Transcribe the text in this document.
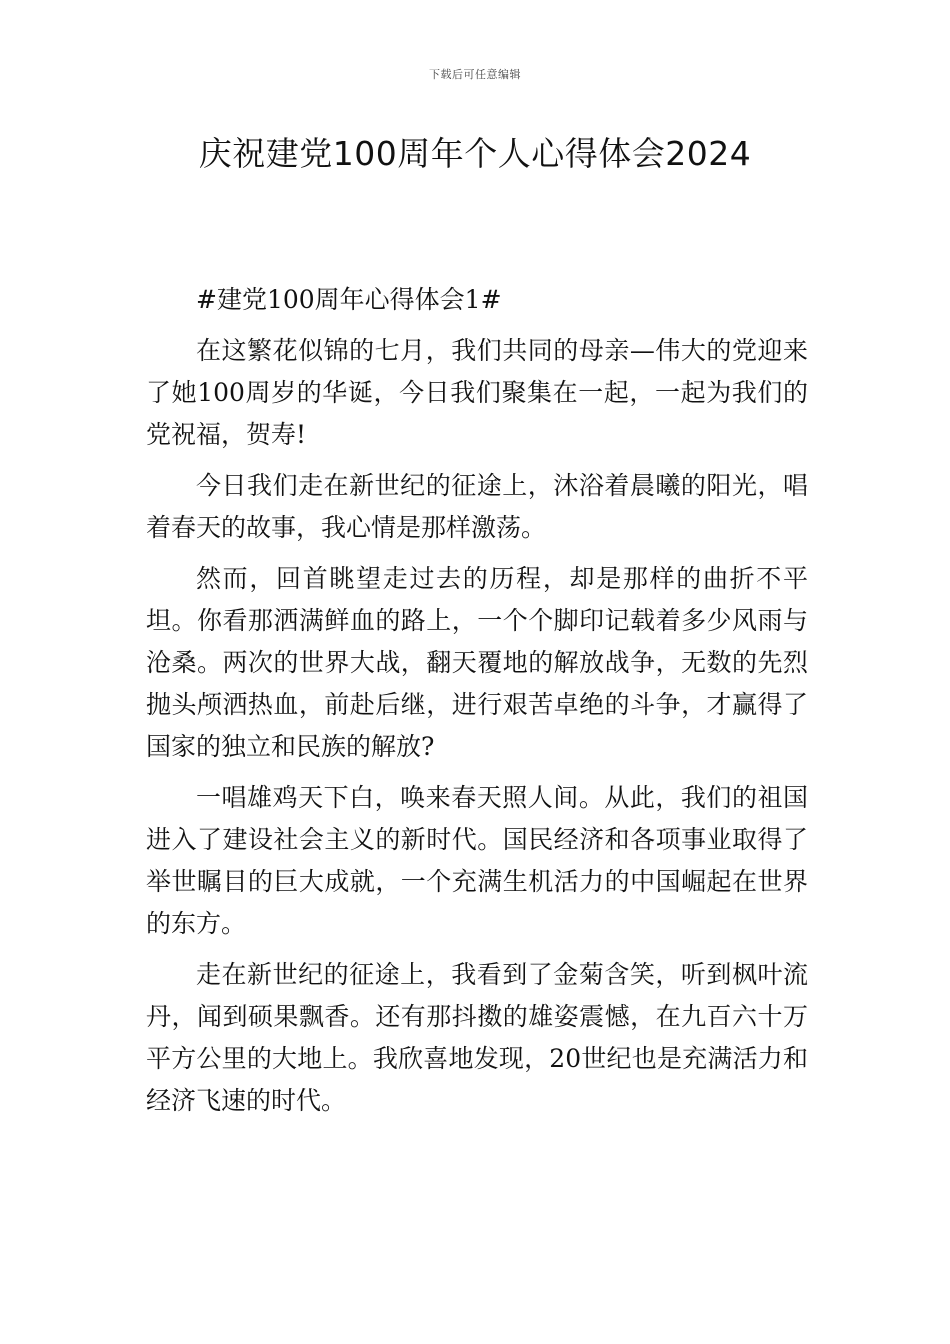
下载后可任意编辑
庆祝建党100周年个人心得体会2024

#建党100周年心得体会1#

在这繁花似锦的七月，我们共同的母亲—伟大的党迎来了她100周岁的华诞，今日我们聚集在一起，一起为我们的党祝福，贺寿!

今日我们走在新世纪的征途上，沐浴着晨曦的阳光，唱着春天的故事，我心情是那样激荡。

然而，回首眺望走过去的历程，却是那样的曲折不平坦。你看那洒满鲜血的路上，一个个脚印记载着多少风雨与沧桑。两次的世界大战，翻天覆地的解放战争，无数的先烈抛头颅洒热血，前赴后继，进行艰苦卓绝的斗争，才赢得了国家的独立和民族的解放?

一唱雄鸡天下白，唤来春天照人间。从此，我们的祖国进入了建设社会主义的新时代。国民经济和各项事业取得了举世瞩目的巨大成就，一个充满生机活力的中国崛起在世界的东方。

走在新世纪的征途上，我看到了金菊含笑，听到枫叶流丹，闻到硕果飘香。还有那抖擞的雄姿震憾，在九百六十万平方公里的大地上。我欣喜地发现，20世纪也是充满活力和经济飞速的时代。
